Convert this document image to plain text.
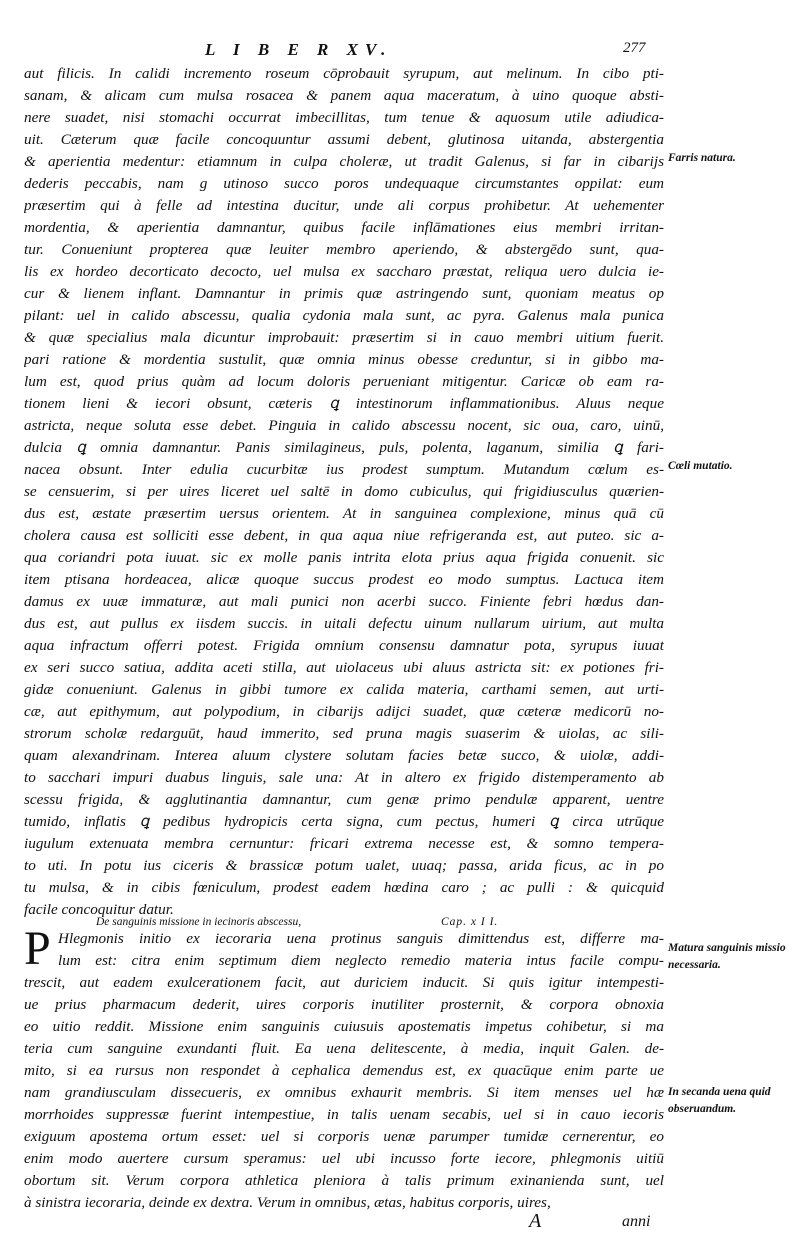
L I B E R XV.	277
aut filicis. In calidi incremento roseum cōprobauit syrupum, aut melinum. In cibo pti-
sanam, & alicam cum mulsa rosacea & panem aqua maceratum, à uino quoque absti-
nere suadet, nisi stomachi occurrat imbecillitas, tum tenue & aquosum utile adiudica-
uit. Cæterum quæ facile concoquuntur assumi debent, glutinosa uitanda, abstergentia
& aperientia medentur: etiamnum in culpa choleræ, ut tradit Galenus, si far in cibarijs
dederis peccabis, nam g utinoso succo poros undequaque circumstantes oppilat: eum
præsertim qui à felle ad intestina ducitur, unde ali corpus prohibetur. At uehementer
mordentia, & aperientia damnantur, quibus facile inflāmationes eius membri irritan-
tur. Conueniunt propterea quæ leuiter membro aperiendo, & abstergēdo sunt, qua-
lis ex hordeo decorticato decocto, uel mulsa ex saccharo præstat, reliqua uero dulcia ie-
cur & lienem inflant. Damnantur in primis quæ astringendo sunt, quoniam meatus op
pilant: uel in calido abscessu, qualia cydonia mala sunt, ac pyra. Galenus mala punica
& quæ specialius mala dicuntur improbauit: præsertim si in cauo membri uitium fuerit.
pari ratione & mordentia sustulit, quæ omnia minus obesse creduntur, si in gibbo ma-
lum est, quod prius quàm ad locum doloris perueniant mitigentur. Caricæ ob eam ra-
tionem lieni & iecori obsunt, cæteris ꝗ intestinorum inflammationibus. Aluus neque
astricta, neque soluta esse debet. Pinguia in calido abscessu nocent, sic oua, caro, uinū,
dulcia ꝗ omnia damnantur. Panis similagineus, puls, polenta, laganum, similia ꝗ fari-
nacea obsunt. Inter edulia cucurbitæ ius prodest sumptum. Mutandum cœlum es-
se censuerim, si per uires liceret uel saltē in domo cubiculus, qui frigidiusculus quærien-
dus est, æstate præsertim uersus orientem. At in sanguinea complexione, minus quā cū
cholera causa est solliciti esse debent, in qua aqua niue refrigeranda est, aut puteo. sic a-
qua coriandri pota iuuat. sic ex molle panis intrita elota prius aqua frigida conuenit. sic
item ptisana hordeacea, alicæ quoque succus prodest eo modo sumptus. Lactuca item
damus ex uuæ immaturæ, aut mali punici non acerbi succo. Finiente febri hœdus dan-
dus est, aut pullus ex iisdem succis. in uitali defectu uinum nullarum uirium, aut multa
aqua infractum offerri potest. Frigida omnium consensu damnatur pota, syrupus iuuat
ex seri succo satiua, addita aceti stilla, aut uiolaceus ubi aluus astricta sit: ex potiones fri-
gidæ conueniunt. Galenus in gibbi tumore ex calida materia, carthami semen, aut urti-
cæ, aut epithymum, aut polypodium, in cibarijs adijci suadet, quæ cæteræ medicorū no-
strorum scholæ redarguūt, haud immerito, sed pruna magis suaserim & uiolas, ac sili-
quam alexandrinam. Interea aluum clystere solutam facies betæ succo, & uiolæ, addi-
to sacchari impuri duabus linguis, sale una: At in altero ex frigido distemperamento ab
scessu frigida, & agglutinantia damnantur, cum genæ primo pendulæ apparent, uentre
tumido, inflatis ꝗ pedibus hydropicis certa signa, cum pectus, humeri ꝗ circa utrūque
iugulum extenuata membra cernuntur: fricari extrema necesse est, & somno tempera-
to uti. In potu ius ciceris & brassicæ potum ualet, uuaq; passa, arida ficus, ac in po
tu mulsa, & in cibis fœniculum, prodest eadem hœdina caro ; ac pulli : & quicquid
facile concoquitur datur.
De sanguinis missione in iecinoris abscessu,	Cap. x I I.
P Hlegmonis initio ex iecoraria uena protinus sanguis dimittendus est, differre ma-
lum est: citra enim septimum diem neglecto remedio materia intus facile compu-
trescit, aut eadem exulcerationem facit, aut duriciem inducit. Si quis igitur intempesti-
ue prius pharmacum dederit, uires corporis inutiliter prosternit, & corpora obnoxia
eo uitio reddit. Missione enim sanguinis cuiusuis apostematis impetus cohibetur, si ma
teria cum sanguine exundanti fluit. Ea uena delitescente, à media, inquit Galen. de-
mito, si ea rursus non respondet à cephalica demendus est, ex quacūque enim parte ue
nam grandiusculam dissecueris, ex omnibus exhaurit membris. Si item menses uel hæ
morrhoides suppressæ fuerint intempestiue, in talis uenam secabis, uel si in cauo iecoris
exiguum apostema ortum esset: uel si corporis uenæ parumper tumidæ cernerentur, eo
enim modo auertere cursum speramus: uel ubi incusso forte iecore, phlegmonis uitiū
obortum sit. Verum corpora athletica pleniora à talis primum exinanienda sunt, uel
à sinistra iecoraria, deinde ex dextra. Verum in omnibus, ætas, habitus corporis, uires,
Farris natura.
Cœli mutatio.
Matura sanguinis missio necessaria.
In secanda uena quid obseruandum.
A	anni
